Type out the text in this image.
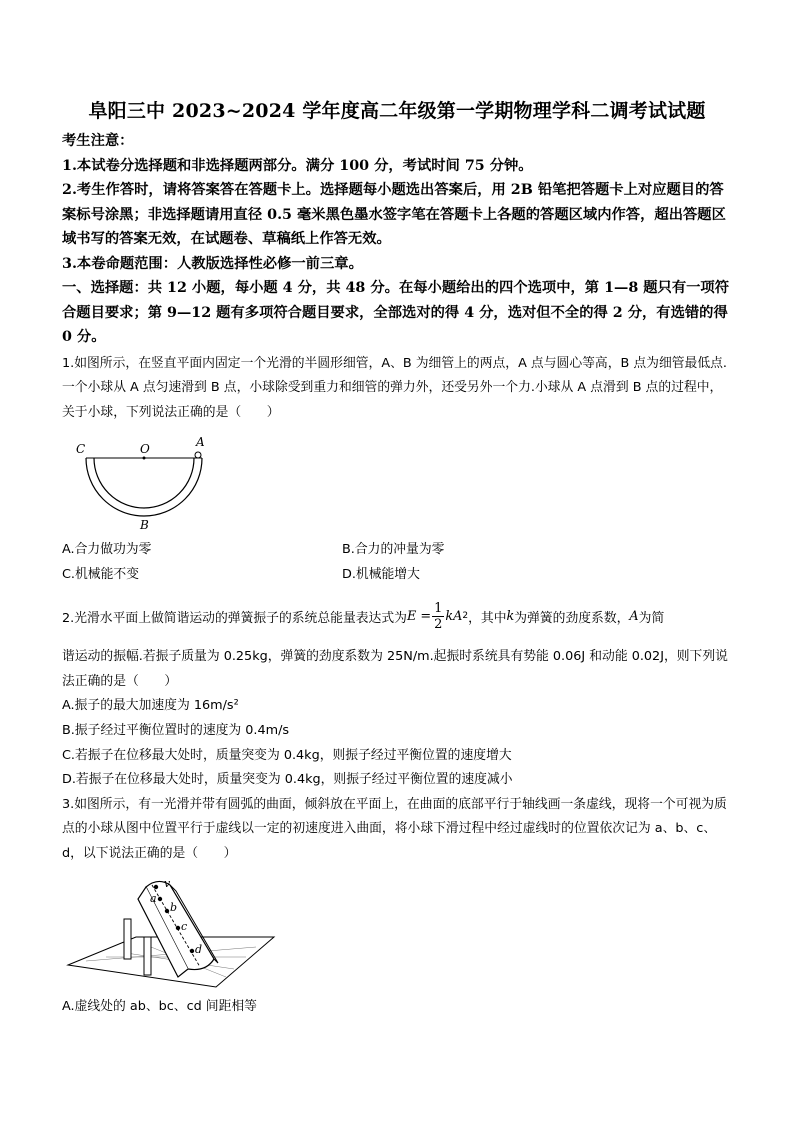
阜阳三中 2023~2024 学年度高二年级第一学期物理学科二调考试试题
考生注意：
1.本试卷分选择题和非选择题两部分。满分 100 分，考试时间 75 分钟。
2.考生作答时，请将答案答在答题卡上。选择题每小题选出答案后，用 2B 铅笔把答题卡上对应题目的答案标号涂黑；非选择题请用直径 0.5 毫米黑色墨水签字笔在答题卡上各题的答题区域内作答，超出答题区域书写的答案无效，在试题卷、草稿纸上作答无效。
3.本卷命题范围：人教版选择性必修一前三章。
一、选择题：共 12 小题，每小题 4 分，共 48 分。在每小题给出的四个选项中，第 1—8 题只有一项符合题目要求；第 9—12 题有多项符合题目要求，全部选对的得 4 分，选对但不全的得 2 分，有选错的得 0 分。
1.如图所示，在竖直平面内固定一个光滑的半圆形细管，A、B 为细管上的两点，A 点与圆心等高，B 点为细管最低点.一个小球从 A 点匀速滑到 B 点，小球除受到重力和细管的弹力外，还受另外一个力.小球从 A 点滑到 B 点的过程中，关于小球，下列说法正确的是（　　）
C	O	A
B
A.合力做功为零	B.合力的冲量为零
C.机械能不变	D.机械能增大
2.光滑水平面上做简谐运动的弹簧振子的系统总能量表达式为 $E = \frac{1}{2}$ kA 2 ，其中 k 为弹簧的劲度系数， A 为简
谐运动的振幅.若振子质量为 0.25kg，弹簧的劲度系数为 25N/m.起振时系统具有势能 0.06J 和动能 0.02J，则下列说法正确的是（　　）
A.振子的最大加速度为 16m/s²
B.振子经过平衡位置时的速度为 0.4m/s
C.若振子在位移最大处时，质量突变为 0.4kg，则振子经过平衡位置的速度增大
D.若振子在位移最大处时，质量突变为 0.4kg，则振子经过平衡位置的速度减小
3.如图所示，有一光滑并带有圆弧的曲面，倾斜放在平面上，在曲面的底部平行于轴线画一条虚线，现将一个可视为质点的小球从图中位置平行于虚线以一定的初速度进入曲面，将小球下滑过程中经过虚线时的位置依次记为 a、b、c、d，以下说法正确的是（　　）
v
a
b
c
d
A.虚线处的 ab、bc、cd 间距相等
